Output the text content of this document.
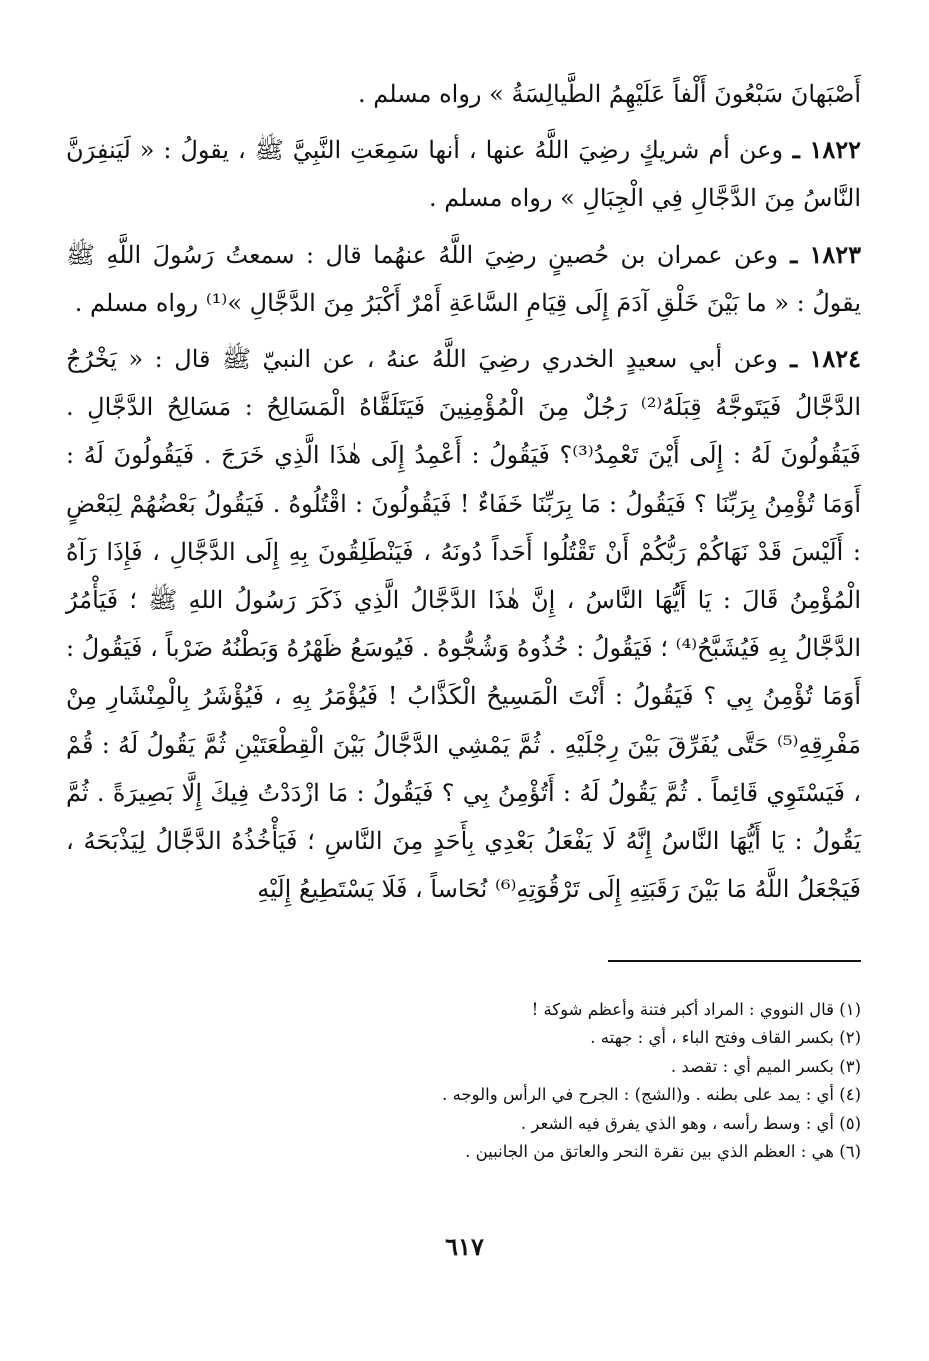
أَصْبَهانَ سَبْعُونَ أَلْفاً عَلَيْهِمُ الطَّيالِسَةُ » رواه مسلم .

١٨٢٢ ـ وعن أم شريكٍ رضِيَ اللَّهُ عنها ، أنها سَمِعَتِ النَّبِيَّ ﷺ ، يقولُ : « لَيَنفِرَنَّ النَّاسُ مِنَ الدَّجَّالِ فِي الْجِبَالِ » رواه مسلم .

١٨٢٣ ـ وعن عمران بن حُصينٍ رضِيَ اللَّهُ عنهُما قال : سمعتُ رَسُولَ اللَّهِ ﷺ يقولُ : « ما بَيْنَ خَلْقِ آدَمَ إِلَى قِيَامِ السَّاعَةِ أَمْرٌ أَكْبَرُ مِنَ الدَّجَّالِ »⁽¹⁾ رواه مسلم .

١٨٢٤ ـ وعن أبي سعيدٍ الخدري رضِيَ اللَّهُ عنهُ ، عن النبيّ ﷺ قال : « يَخْرُجُ الدَّجَّالُ فَيَتَوجَّهُ قِبَلَهُ⁽²⁾ رَجُلٌ مِنَ الْمُؤْمِنِينَ فَيَتَلَقَّاهُ الْمَسَالِحُ : مَسَالِحُ الدَّجَّالِ . فَيَقُولُونَ لَهُ : إِلَى أَيْنَ تَعْمِدُ⁽³⁾؟ فَيَقُولُ : أَعْمِدُ إِلَى هٰذَا الَّذِي خَرَجَ . فَيَقُولُونَ لَهُ : أَوَمَا تُؤْمِنُ بِرَبِّنَا ؟ فَيَقُولُ : مَا بِرَبِّنَا خَفَاءٌ ! فَيَقُولُونَ : اقْتُلُوهُ . فَيَقُولُ بَعْضُهُمْ لِبَعْضٍ : أَلَيْسَ قَدْ نَهَاكُمْ رَبُّكُمْ أَنْ تَقْتُلُوا أَحَداً دُونَهُ ، فَيَنْطَلِقُونَ بِهِ إِلَى الدَّجَّالِ ، فَإِذَا رَآهُ الْمُؤْمِنُ قَالَ : يَا أَيُّهَا النَّاسُ ، إِنَّ هٰذَا الدَّجَّالُ الَّذِي ذَكَرَ رَسُولُ اللهِ ﷺ ؛ فَيَأْمُرُ الدَّجَّالُ بِهِ فَيُشَبَّحُ⁽⁴⁾ ؛ فَيَقُولُ : خُذُوهُ وَشُجُّوهُ . فَيُوسَعُ ظَهْرُهُ وَبَطْنُهُ ضَرْباً ، فَيَقُولُ : أَوَمَا تُؤْمِنُ بِي ؟ فَيَقُولُ : أَنْتَ الْمَسِيحُ الْكَذَّابُ ! فَيُؤْمَرُ بِهِ ، فَيُؤْشَرُ بِالْمِنْشَارِ مِنْ مَفْرِقِهِ⁽⁵⁾ حَتَّى يُفَرِّقَ بَيْنَ رِجْلَيْهِ . ثُمَّ يَمْشِي الدَّجَّالُ بَيْنَ الْقِطْعَتَيْنِ ثُمَّ يَقُولُ لَهُ : قُمْ ، فَيَسْتَوِي قَائِماً . ثُمَّ يَقُولُ لَهُ : أَتُؤْمِنُ بِي ؟ فَيَقُولُ : مَا ازْدَدْتُ فِيكَ إِلَّا بَصِيرَةً . ثُمَّ يَقُولُ : يَا أَيُّهَا النَّاسُ إِنَّهُ لَا يَفْعَلُ بَعْدِي بِأَحَدٍ مِنَ النَّاسِ ؛ فَيَأْخُذُهُ الدَّجَّالُ لِيَذْبَحَهُ ، فَيَجْعَلُ اللَّهُ مَا بَيْنَ رَقَبَتِهِ إِلَى تَرْقُوَتِهِ⁽⁶⁾ نُحَاساً ، فَلَا يَسْتَطِيعُ إِلَيْهِ

(١) قال النووي : المراد أكبر فتنة وأعظم شوكة !

(٢) بكسر القاف وفتح الباء ، أي : جهته .

(٣) بكسر الميم أي : تقصد .

(٤) أي : يمد على بطنه . و(الشج) : الجرح في الرأس والوجه .

(٥) أي : وسط رأسه ، وهو الذي يفرق فيه الشعر .

(٦) هي : العظم الذي بين نقرة النحر والعاتق من الجانبين .

٦١٧
